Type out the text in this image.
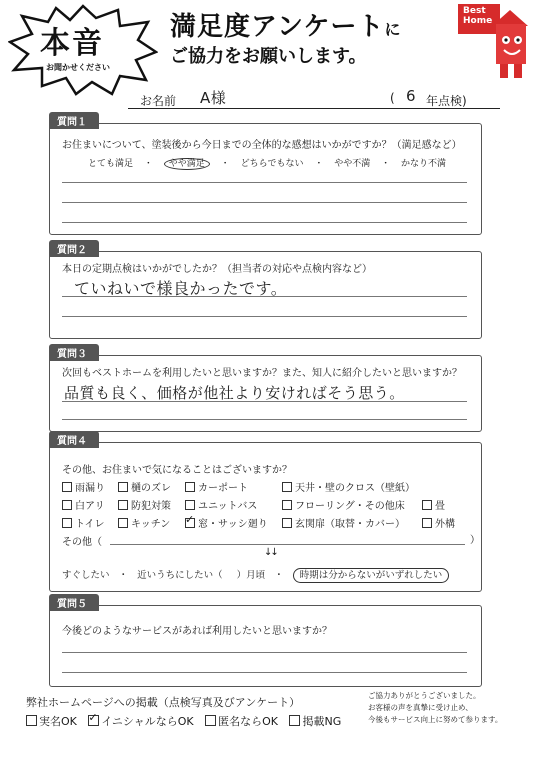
本音
お聞かせください
満足度アンケートに
ご協力をお願いします。
Best
Home
お名前 A様	( 6 年点検)
質問１
お住まいについて、塗装後から今日までの全体的な感想はいかがですか？（満足感など）
とても満足 ・ やや満足 ・ どちらでもない ・ やや不満 ・ かなり不満
質問２
本日の定期点検はいかがでしたか？（担当者の対応や点検内容など）
ていねいで様良かったです。
質問３
次回もベストホームを利用したいと思いますか？また、知人に紹介したいと思いますか？
品質も良く、価格が他社より安ければそう思う。
質問４
その他、お住まいで気になることはございますか？
雨漏り	樋のズレ	カーポート	天井・壁のクロス（壁紙）
白アリ	防犯対策	ユニットバス	フローリング・その他床	畳
トイレ	キッチン ✓ 窓・サッシ廻り	玄関扉（取替・カバー）	外構
その他（	）
↓↓
すぐしたい ・ 近いうちにしたい（ ）月頃 ・ 時期は分からないがいずれしたい
質問５
今後どのようなサービスがあれば利用したいと思いますか？
弊社ホームページへの掲載（点検写真及びアンケート）
実名OK ✓ イニシャルならOK 匿名ならOK 掲載NG
ご協力ありがとうございました。
お客様の声を真摯に受け止め、
今後もサービス向上に努めて参ります。
